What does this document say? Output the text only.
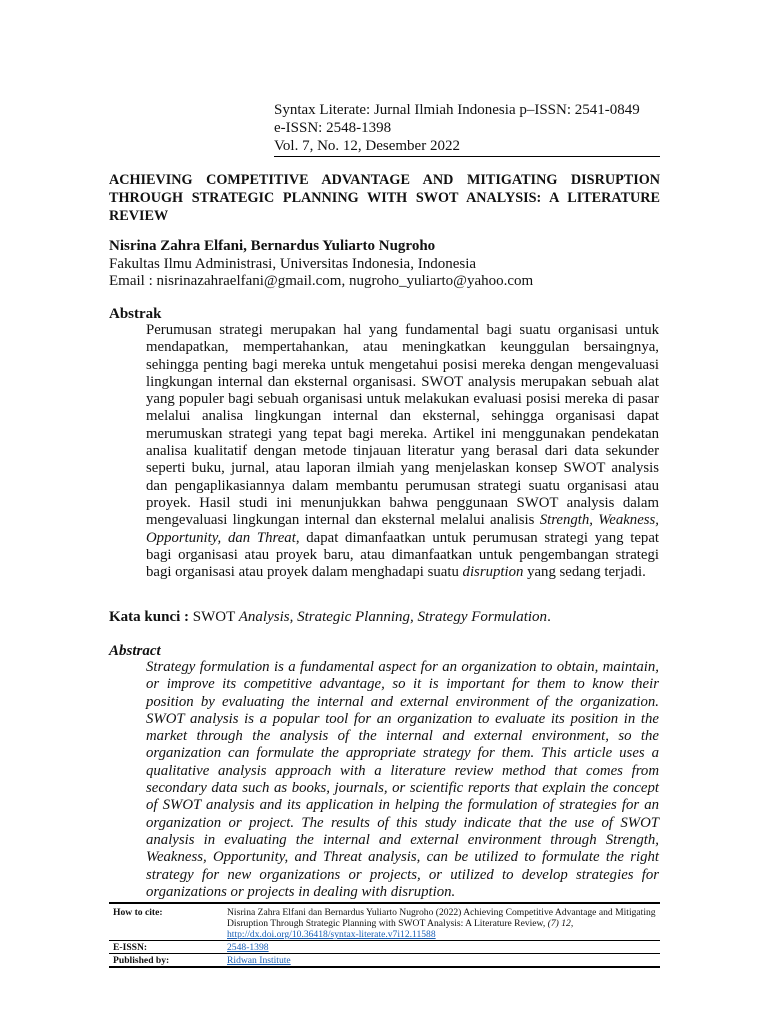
Syntax Literate: Jurnal Ilmiah Indonesia p–ISSN: 2541-0849
e-ISSN: 2548-1398
Vol. 7, No. 12, Desember 2022
ACHIEVING COMPETITIVE ADVANTAGE AND MITIGATING DISRUPTION THROUGH STRATEGIC PLANNING WITH SWOT ANALYSIS: A LITERATURE REVIEW

Nisrina Zahra Elfani, Bernardus Yuliarto Nugroho

Fakultas Ilmu Administrasi, Universitas Indonesia, Indonesia

Email : nisrinazahraelfani@gmail.com, nugroho_yuliarto@yahoo.com

Abstrak

Perumusan strategi merupakan hal yang fundamental bagi suatu organisasi untuk mendapatkan, mempertahankan, atau meningkatkan keunggulan bersaingnya, sehingga penting bagi mereka untuk mengetahui posisi mereka dengan mengevaluasi lingkungan internal dan eksternal organisasi. SWOT analysis merupakan sebuah alat yang populer bagi sebuah organisasi untuk melakukan evaluasi posisi mereka di pasar melalui analisa lingkungan internal dan eksternal, sehingga organisasi dapat merumuskan strategi yang tepat bagi mereka. Artikel ini menggunakan pendekatan analisa kualitatif dengan metode tinjauan literatur yang berasal dari data sekunder seperti buku, jurnal, atau laporan ilmiah yang menjelaskan konsep SWOT analysis dan pengaplikasiannya dalam membantu perumusan strategi suatu organisasi atau proyek. Hasil studi ini menunjukkan bahwa penggunaan SWOT analysis dalam mengevaluasi lingkungan internal dan eksternal melalui analisis Strength, Weakness, Opportunity, dan Threat, dapat dimanfaatkan untuk perumusan strategi yang tepat bagi organisasi atau proyek baru, atau dimanfaatkan untuk pengembangan strategi bagi organisasi atau proyek dalam menghadapi suatu disruption yang sedang terjadi.

Kata kunci : SWOT Analysis, Strategic Planning, Strategy Formulation.

Abstract

Strategy formulation is a fundamental aspect for an organization to obtain, maintain, or improve its competitive advantage, so it is important for them to know their position by evaluating the internal and external environment of the organization. SWOT analysis is a popular tool for an organization to evaluate its position in the market through the analysis of the internal and external environment, so the organization can formulate the appropriate strategy for them. This article uses a qualitative analysis approach with a literature review method that comes from secondary data such as books, journals, or scientific reports that explain the concept of SWOT analysis and its application in helping the formulation of strategies for an organization or project. The results of this study indicate that the use of SWOT analysis in evaluating the internal and external environment through Strength, Weakness, Opportunity, and Threat analysis, can be utilized to formulate the right strategy for new organizations or projects, or utilized to develop strategies for organizations or projects in dealing with disruption.

How to cite:	Nisrina Zahra Elfani dan Bernardus Yuliarto Nugroho (2022) Achieving Competitive Advantage and Mitigating Disruption Through Strategic Planning with SWOT Analysis: A Literature Review, (7) 12,
http://dx.doi.org/10.36418/syntax-literate.v7i12.11588
E-ISSN:	2548-1398
Published by:	Ridwan Institute
